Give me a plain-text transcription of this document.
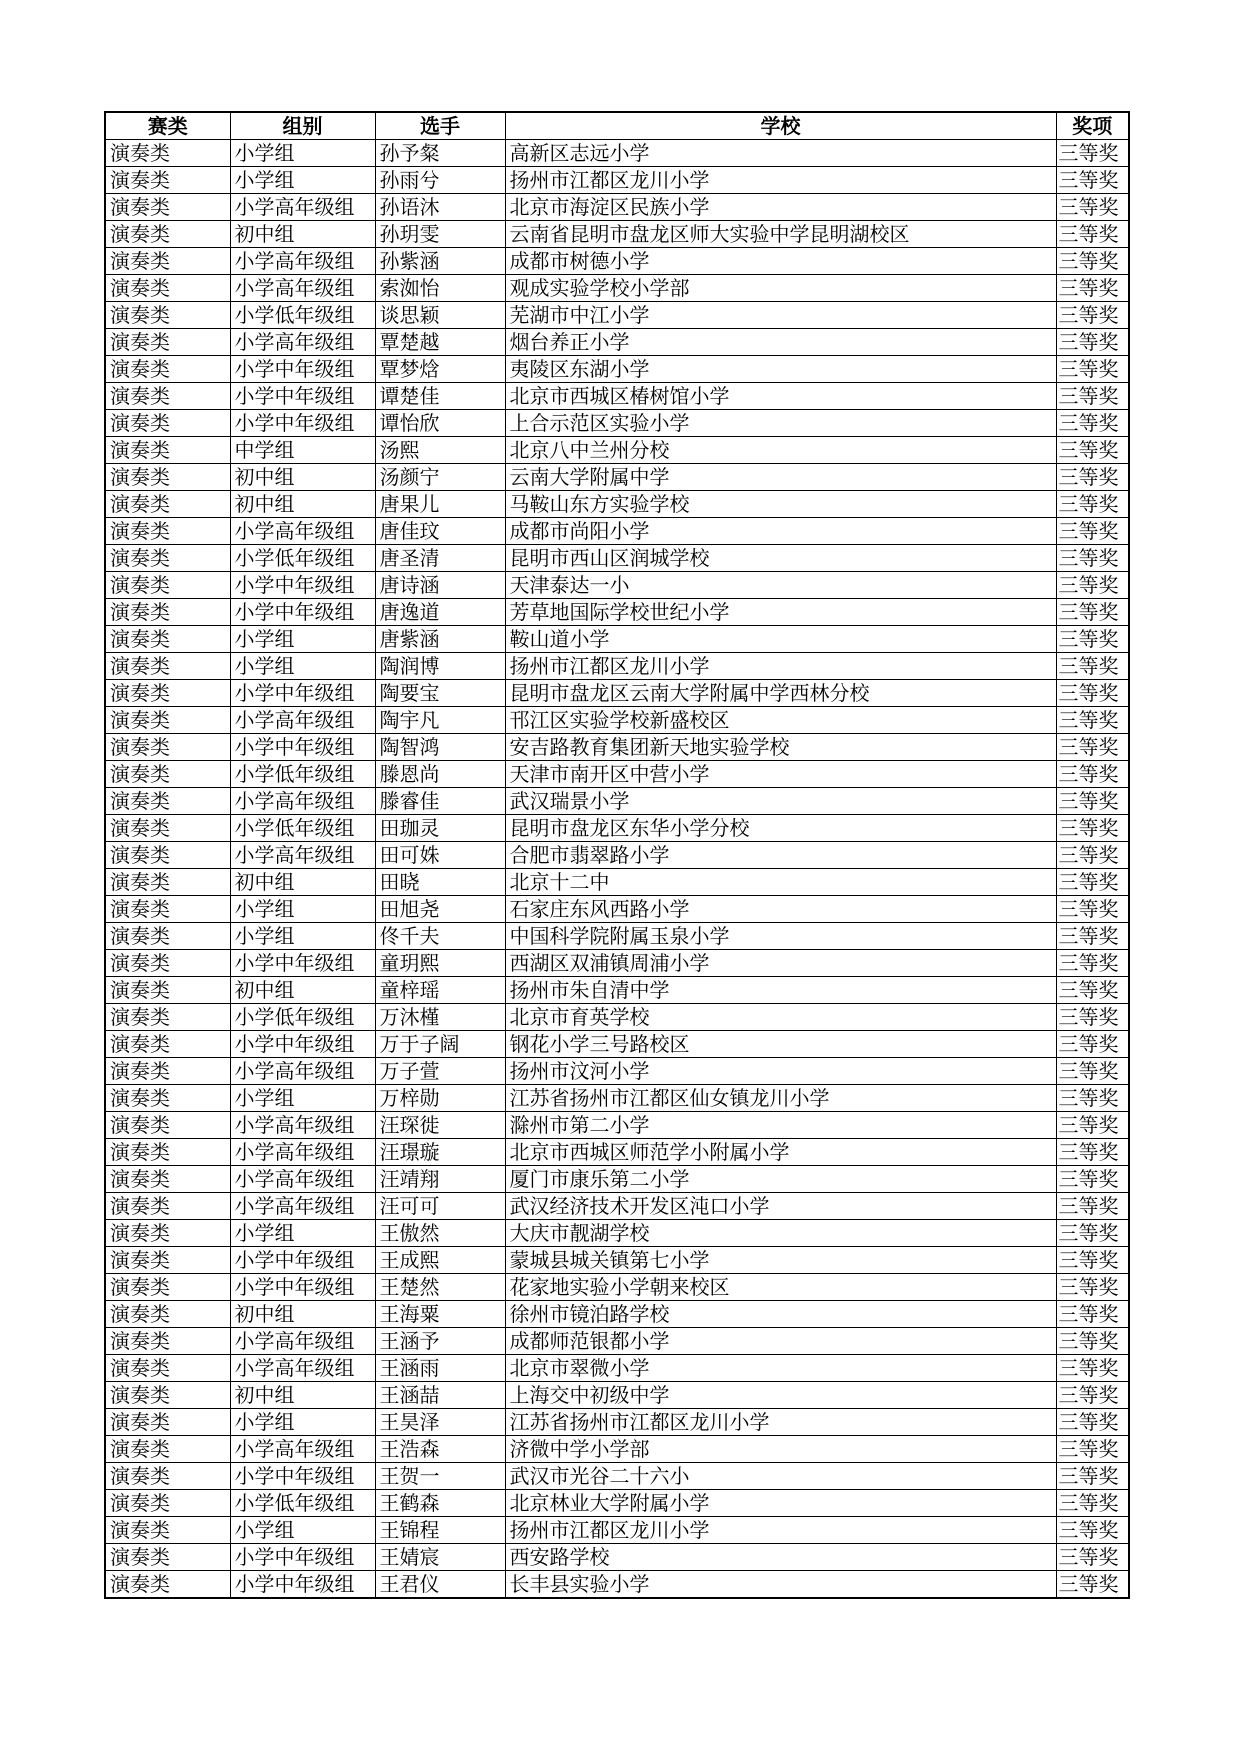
赛类	组别	选手	学校	奖项
演奏类	小学组	孙予粲	高新区志远小学	三等奖
演奏类	小学组	孙雨兮	扬州市江都区龙川小学	三等奖
演奏类	小学高年级组	孙语沐	北京市海淀区民族小学	三等奖
演奏类	初中组	孙玥雯	云南省昆明市盘龙区师大实验中学昆明湖校区	三等奖
演奏类	小学高年级组	孙紫涵	成都市树德小学	三等奖
演奏类	小学高年级组	索洳怡	观成实验学校小学部	三等奖
演奏类	小学低年级组	谈思颖	芜湖市中江小学	三等奖
演奏类	小学高年级组	覃楚越	烟台养正小学	三等奖
演奏类	小学中年级组	覃梦焓	夷陵区东湖小学	三等奖
演奏类	小学中年级组	谭楚佳	北京市西城区椿树馆小学	三等奖
演奏类	小学中年级组	谭怡欣	上合示范区实验小学	三等奖
演奏类	中学组	汤熙	北京八中兰州分校	三等奖
演奏类	初中组	汤颜宁	云南大学附属中学	三等奖
演奏类	初中组	唐果儿	马鞍山东方实验学校	三等奖
演奏类	小学高年级组	唐佳玟	成都市尚阳小学	三等奖
演奏类	小学低年级组	唐圣清	昆明市西山区润城学校	三等奖
演奏类	小学中年级组	唐诗涵	天津泰达一小	三等奖
演奏类	小学中年级组	唐逸道	芳草地国际学校世纪小学	三等奖
演奏类	小学组	唐紫涵	鞍山道小学	三等奖
演奏类	小学组	陶润博	扬州市江都区龙川小学	三等奖
演奏类	小学中年级组	陶要宝	昆明市盘龙区云南大学附属中学西林分校	三等奖
演奏类	小学高年级组	陶宇凡	邗江区实验学校新盛校区	三等奖
演奏类	小学中年级组	陶智鸿	安吉路教育集团新天地实验学校	三等奖
演奏类	小学低年级组	滕恩尚	天津市南开区中营小学	三等奖
演奏类	小学高年级组	滕睿佳	武汉瑞景小学	三等奖
演奏类	小学低年级组	田珈灵	昆明市盘龙区东华小学分校	三等奖
演奏类	小学高年级组	田可姝	合肥市翡翠路小学	三等奖
演奏类	初中组	田晓	北京十二中	三等奖
演奏类	小学组	田旭尧	石家庄东风西路小学	三等奖
演奏类	小学组	佟千夫	中国科学院附属玉泉小学	三等奖
演奏类	小学中年级组	童玥熙	西湖区双浦镇周浦小学	三等奖
演奏类	初中组	童梓瑶	扬州市朱自清中学	三等奖
演奏类	小学低年级组	万沐槿	北京市育英学校	三等奖
演奏类	小学中年级组	万于子阔	钢花小学三号路校区	三等奖
演奏类	小学高年级组	万子萱	扬州市汶河小学	三等奖
演奏类	小学组	万梓勋	江苏省扬州市江都区仙女镇龙川小学	三等奖
演奏类	小学高年级组	汪琛徙	滁州市第二小学	三等奖
演奏类	小学高年级组	汪璟璇	北京市西城区师范学小附属小学	三等奖
演奏类	小学高年级组	汪靖翔	厦门市康乐第二小学	三等奖
演奏类	小学高年级组	汪可可	武汉经济技术开发区沌口小学	三等奖
演奏类	小学组	王傲然	大庆市靓湖学校	三等奖
演奏类	小学中年级组	王成熙	蒙城县城关镇第七小学	三等奖
演奏类	小学中年级组	王楚然	花家地实验小学朝来校区	三等奖
演奏类	初中组	王海粟	徐州市镜泊路学校	三等奖
演奏类	小学高年级组	王涵予	成都师范银都小学	三等奖
演奏类	小学高年级组	王涵雨	北京市翠微小学	三等奖
演奏类	初中组	王涵喆	上海交中初级中学	三等奖
演奏类	小学组	王昊泽	江苏省扬州市江都区龙川小学	三等奖
演奏类	小学高年级组	王浩森	济微中学小学部	三等奖
演奏类	小学中年级组	王贺一	武汉市光谷二十六小	三等奖
演奏类	小学低年级组	王鹤森	北京林业大学附属小学	三等奖
演奏类	小学组	王锦程	扬州市江都区龙川小学	三等奖
演奏类	小学中年级组	王婧宸	西安路学校	三等奖
演奏类	小学中年级组	王君仪	长丰县实验小学	三等奖
